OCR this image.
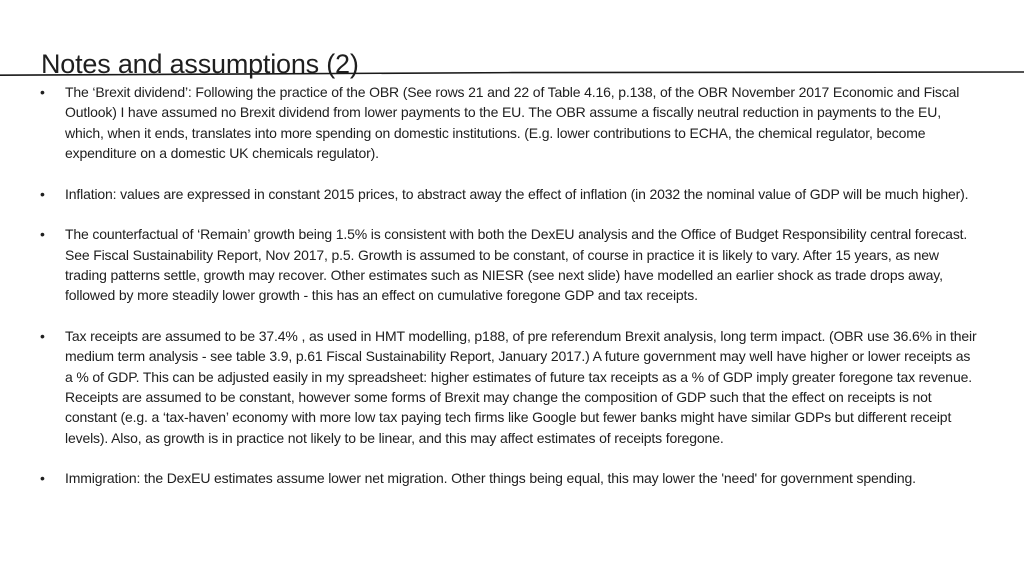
Notes and assumptions (2)
• The ‘Brexit dividend’: Following the practice of the OBR (See rows 21 and 22 of Table 4.16, p.138, of the OBR November 2017 Economic and Fiscal Outlook) I have assumed no Brexit dividend from lower payments to the EU. The OBR assume a fiscally neutral reduction in payments to the EU, which, when it ends, translates into more spending on domestic institutions. (E.g. lower contributions to ECHA, the chemical regulator, become expenditure on a domestic UK chemicals regulator).
• Inflation: values are expressed in constant 2015 prices, to abstract away the effect of inflation (in 2032 the nominal value of GDP will be much higher).
• The counterfactual of ‘Remain’ growth being 1.5% is consistent with both the DexEU analysis and the Office of Budget Responsibility central forecast. See Fiscal Sustainability Report, Nov 2017, p.5. Growth is assumed to be constant, of course in practice it is likely to vary. After 15 years, as new trading patterns settle, growth may recover. Other estimates such as NIESR (see next slide) have modelled an earlier shock as trade drops away, followed by more steadily lower growth - this has an effect on cumulative foregone GDP and tax receipts.
• Tax receipts are assumed to be 37.4% , as used in HMT modelling, p188, of pre referendum Brexit analysis, long term impact. (OBR use 36.6% in their medium term analysis - see table 3.9, p.61 Fiscal Sustainability Report, January 2017.) A future government may well have higher or lower receipts as a % of GDP. This can be adjusted easily in my spreadsheet: higher estimates of future tax receipts as a % of GDP imply greater foregone tax revenue. Receipts are assumed to be constant, however some forms of Brexit may change the composition of GDP such that the effect on receipts is not constant (e.g. a ‘tax-haven’ economy with more low tax paying tech firms like Google but fewer banks might have similar GDPs but different receipt levels). Also, as growth is in practice not likely to be linear, and this may affect estimates of receipts foregone.
• Immigration: the DexEU estimates assume lower net migration. Other things being equal, this may lower the 'need' for government spending.
